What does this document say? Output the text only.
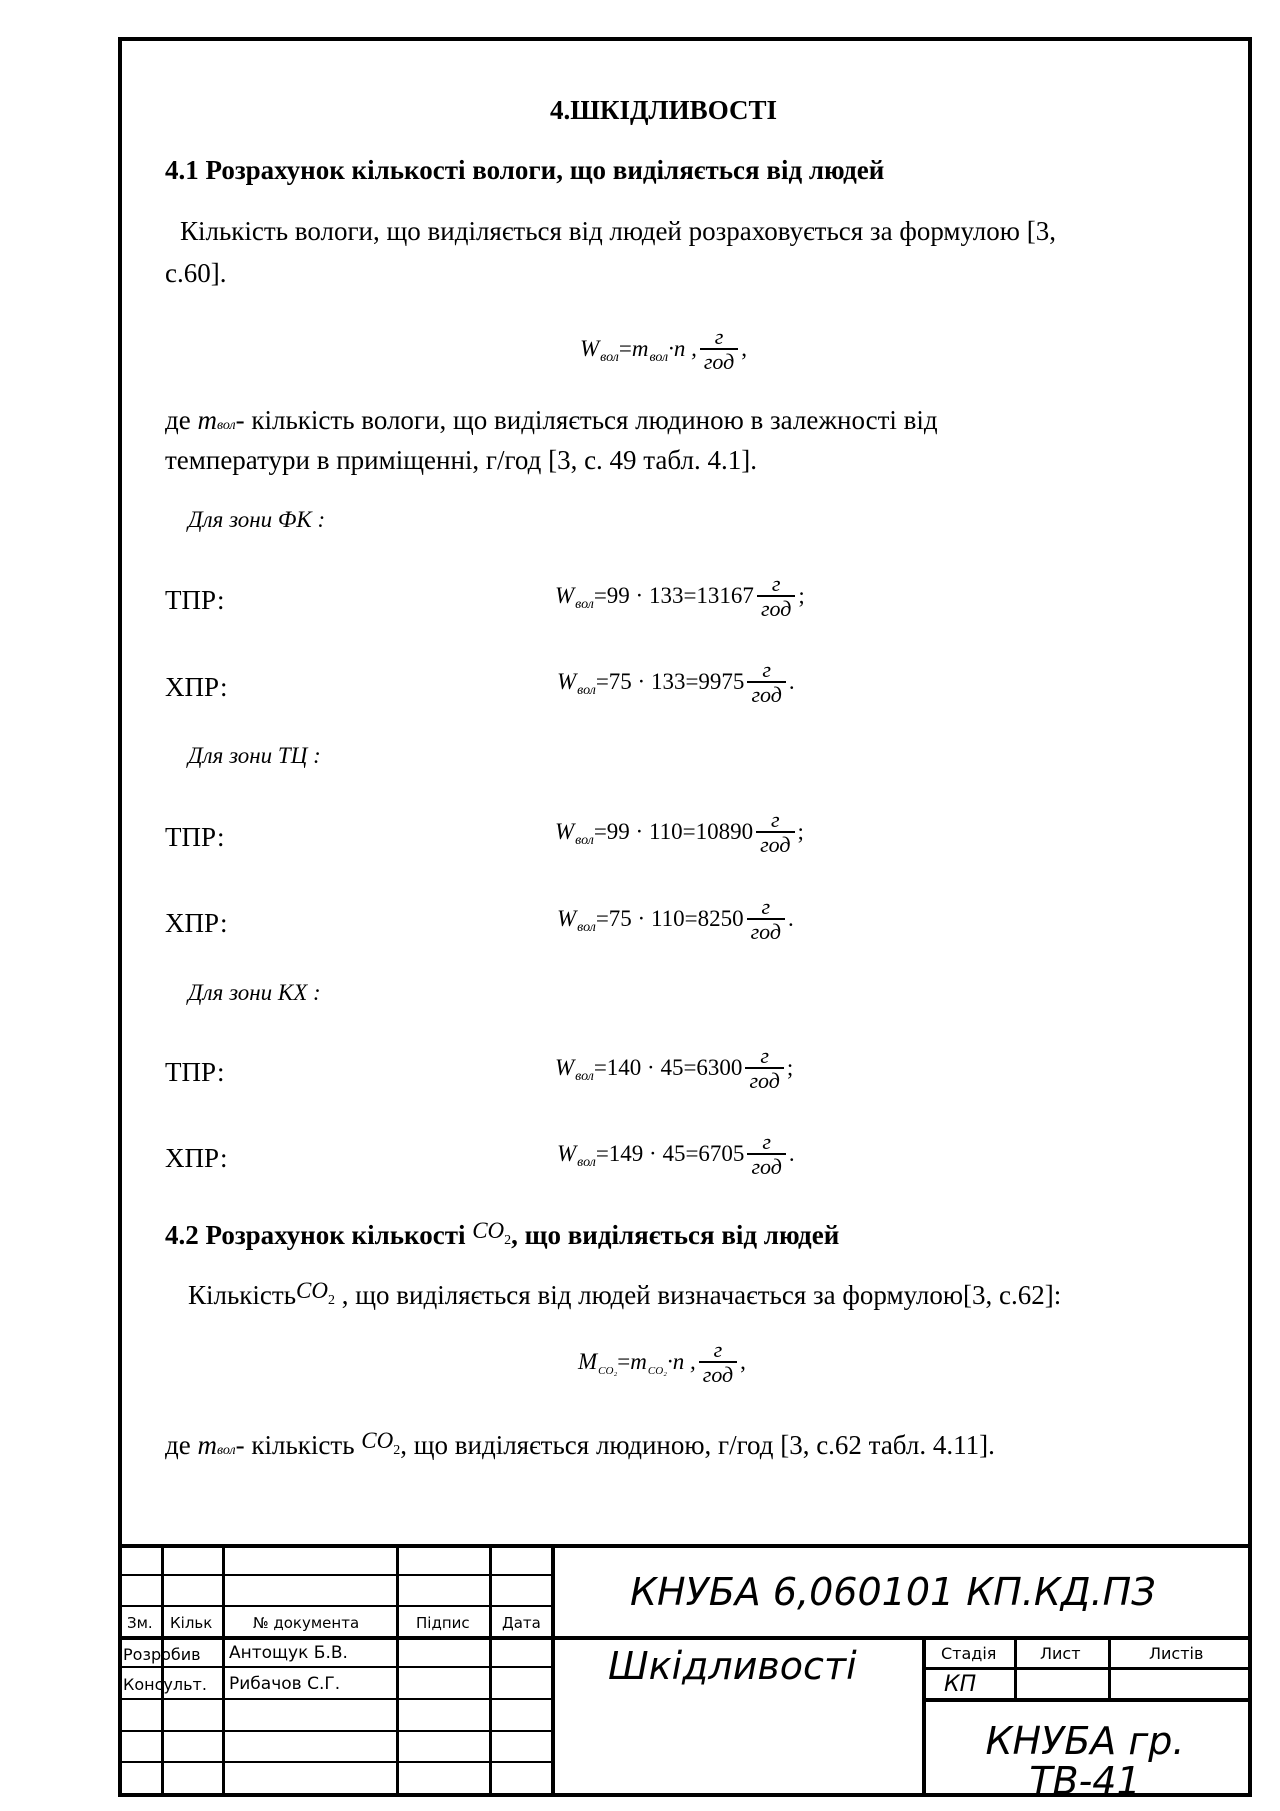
4.ШКІДЛИВОСТІ
4.1 Розрахунок кількості вологи, що виділяється від людей
Кількість вологи, що виділяється від людей розраховується за формулою [3,
с.60].
W вол = m вол ·n , $\frac{г}{\text{год}}$ ,
де mвол- кількість вологи, що виділяється людиною в залежності від
температури в приміщенні, г/год [3, с. 49 табл. 4.1].
Для зони ФК :
ТПР:	W вол $=99 \cdot 133=13167 \frac{г}{\text{год}}$ ;
ХПР:	W вол $=75 \cdot 133=9975 \frac{г}{\text{год}}$ .
Для зони ТЦ :
ТПР:	W вол $=99 \cdot 110=10890 \frac{г}{\text{год}}$ ;
ХПР:	W вол $=75 \cdot 110=8250 \frac{г}{\text{год}}$ .
Для зони КХ :
ТПР:	W вол $=140 \cdot 45=6300 \frac{г}{\text{год}}$ ;
ХПР:	W вол $=149 \cdot 45=6705 \frac{г}{\text{год}}$ .
4.2 Розрахунок кількості CO2, що виділяється від людей
КількістьCO2 , що виділяється від людей визначається за формулою[3, с.62]:
M CO₂ = m CO₂ ·n , $\frac{г}{\text{год}}$ ,
де mвол- кількість CO2, що виділяється людиною, г/год [3, с.62 табл. 4.11].
Зм. Кільк	№ документа	Підпис Дата
Розробив Антощук Б.В.
Консульт. Рибачов С.Г.
КНУБА 6,060101 КП.КД.ПЗ
Шкідливості	Стадія	Лист	Листів
КП
КНУБА гр. ТВ-41
